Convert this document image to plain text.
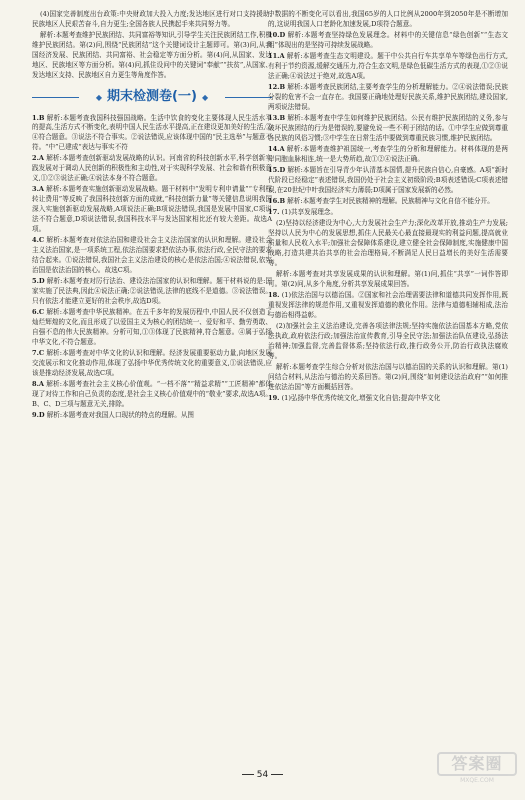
(4)国家完善制度出台政策:中央财政加大投入力度;发达地区进行对口支持援助;民族地区人民艰苦奋斗,自力更生;全国各族人民携起手来共同努力等。

解析:本题考查维护民族团结、共同富裕等知识,引导学生关注民族团结工作,积极维护民族团结。第(2)问,围绕“民族团结”这个关键词设计主题即可。第(3)问,从我国经济发展、民族团结、共同富裕、社会稳定等方面分析。第(4)问,从国家、发达地区、民族地区等方面分析。第(4)问,抓住设问中的关键词“奉献”“扶贫”,从国家、发达地区支持、民族地区自力更生等角度作答。

◆ 期末检测卷(一) ◆

1.B 解析:本题考查我国科技强国战略。生活中饮食的变化主要体现人民生活水平的提高,生活方式不断变化,表明中国人民生活水平提高,正在建设更加美好的生活,②④符合题意。③说法不符合事实。②说法错误,应该体现中国的“民主选举”与题意不符。“中”已建成“表达与事实不符

2.A 解析:本题考查创新驱动发展战略的认识。河南省的科技创新水平,科学创新实践发展对于调动人民创新的积极性和主动性,对于实现科学发展、社会和谐有积极意义,①②③说法正确;④说法本身不符合题意。

3.A 解析:本题考查实施创新驱动发展战略。题干材料中“发明专利申请量”“专利权转让费用”等反映了我国科技创新方面的成就,“科技创新力量”等关键信息说明我国深入实施创新驱动发展战略,A项说法正确;B项说法错误,我国是发展中国家,C项说法不符合题意,D项说法错误,我国科技水平与发达国家相比还有较大差距。故选A项。

4.C 解析:本题考查对依法治国和建设社会主义法治国家的认识和理解。建设社会主义法治国家,是一项系统工程,依法治国要求把依法办事,依法行政,全民守法的要求结合起来。①说法错误,我国社会主义法治建设的核心是依法治国;④说法错误,依宪治国是依法治国的核心。故选C项。

5.D 解析:本题考查对厉行法治、建设法治国家的认识和理解。题干材料说的是:国家实施了民法典,因此④说法正确;②说法错误,法律的底线不是道德。③说法错误。只有依法才能建立更好的社会秩序,故选D项。

6.C 解析:本题考查中华民族精神。在五千多年的发展历程中,中国人民不仅创造了灿烂辉煌的文化,而且形成了以爱国主义为核心的团结统一、爱好和平、勤劳勇敢、自强不息的伟大民族精神。分析可知,①③体现了民族精神,符合题意。④属于弘扬中华文化,不符合题意。

7.C 解析:本题考查对中华文化的认识和理解。经济发展重要驱动力量,向地区发展交流展示和文化推动作用,体现了弘扬中华优秀传统文化的重要意义,①说法错误,应该是推动经济发展,故选C项。

8.A 解析:本题考查社会主义核心价值观。“一档不落”“精益求精”“工匠精神”都体现了对待工作和自己负责的态度,是社会主义核心价值观中的“敬业”要求,故选A项。B、C、D三项与题意无关,排除。

9.D 解析:本题考查对我国人口现状的特点的理解。从图

中数据的不断变化可以看出,我国65岁的人口比例从2000年到2050年是不断增加的,这说明我国人口老龄化加速发展,D项符合题意。

10.D 解析:本题考查坚持绿色发展理念。材料中的关键信息“绿色创新”“生态文明”体现出的是坚持可持续发展战略。

11.A 解析:本题考查生态文明建设。题干中公共自行车共享单车等绿色出行方式,有利于节约资源,缓解交通压力,符合生态文明,是绿色低碳生活方式的表现,①②③说法正确;④说法过于绝对,故选A项。

12.B 解析:本题考查民族团结,主要考查学生的分析理解能力。②④说法错误;民族分裂的危害不会一直存在。我国要正确地处理好民族关系,维护民族团结,建设国家,两项说法错误。

13.B 解析:本题考查中学生如何维护民族团结。公民有维护民族团结的义务,参与破坏民族团结的行为是错误的,要避免说一些不利于团结的话。①中学生应做到尊重各民族的风俗习惯;③中学生在日常生活中要做到尊重民族习惯,维护民族团结。

14.A 解析:本题考查维护祖国统一,考查学生的分析和理解能力。材料体现的是两岸同胞血脉相连,统一是大势所趋,故①②④说法正确。

15.D 解析:本题旨在引导青少年认清基本国情,提升民族自信心,自豪感。A项“新时代阶段已经稳定”表述错误,我国仍处于社会主义初级阶段;B项表述错误;C项表述错误,在20世纪中叶我国经济实力薄弱;D项属于国家发展新的必然。

16.B 解析:本题考查学生对民族精神的理解。民族精神与文化自信不能分开。

17. (1)共享发展理念。

(2)坚持以经济建设为中心,大力发展社会生产力;深化改革开放,推动生产力发展;坚持以人民为中心的发展思想,抓住人民最关心最直接最现实的利益问题,提高就业质量和人民收入水平;加强社会保障体系建设,建立健全社会保障制度,实施健康中国战略,打造共建共治共享的社会治理格局,不断满足人民日益增长的美好生活需要等。

解析:本题考查对共享发展成果的认识和理解。第(1)问,抓住“共享”一词作答即可。第(2)问,从多个角度,分析共享发展成果回答。

18. (1)依法治国与以德治国。②国家和社会治理需要法律和道德共同发挥作用,既重视发挥法律的规范作用,又重视发挥道德的教化作用。法律与道德相辅相成,法治与德治相得益彰。

(2)加强社会主义法治建设,完善各项法律法规;坚持实施依法治国基本方略,党依法执政,政府依法行政;加强法治宣传教育,引导全民守法;加强法治队伍建设,弘扬法治精神;加强监督,完善监督体系;坚持依法行政,推行政务公开,防治行政执法腐败等。

解析:本题考查学生综合分析对依法治国与以德治国的关系的认识和理解。第(1)问结合材料,从法治与德治的关系回答。第(2)问,围绕“如何建设法治政府”“如何推进依法治国”等方面概括回答。

19. (1)弘扬中华优秀传统文化,增强文化自信;提高中华文化

54
答案圈
MXQE.COM
